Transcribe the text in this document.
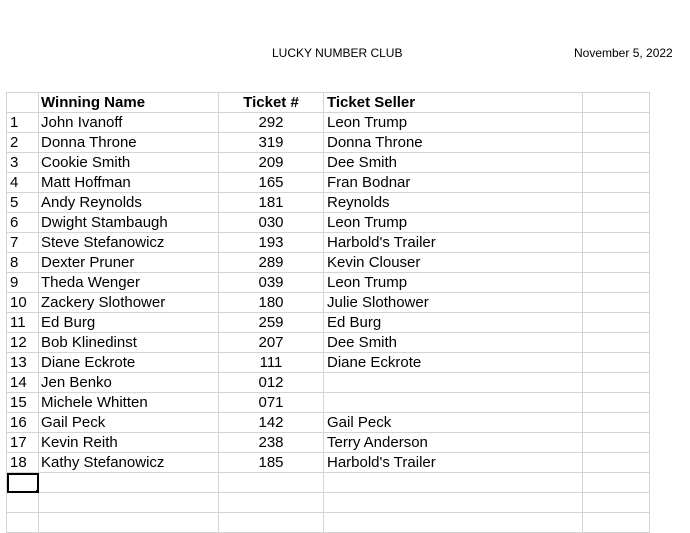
LUCKY NUMBER CLUB	November 5, 2022
	Winning Name	Ticket #	Ticket Seller	
1	John Ivanoff	292	Leon Trump	
2	Donna Throne	319	Donna Throne	
3	Cookie Smith	209	Dee Smith	
4	Matt Hoffman	165	Fran Bodnar	
5	Andy Reynolds	181	Reynolds	
6	Dwight Stambaugh	030	Leon Trump	
7	Steve Stefanowicz	193	Harbold's Trailer	
8	Dexter Pruner	289	Kevin Clouser	
9	Theda Wenger	039	Leon Trump	
10	Zackery Slothower	180	Julie Slothower	
11	Ed Burg	259	Ed Burg	
12	Bob Klinedinst	207	Dee Smith	
13	Diane Eckrote	111	Diane Eckrote	
14	Jen Benko	012		
15	Michele Whitten	071		
16	Gail Peck	142	Gail Peck	
17	Kevin Reith	238	Terry Anderson	
18	Kathy Stefanowicz	185	Harbold's Trailer	
